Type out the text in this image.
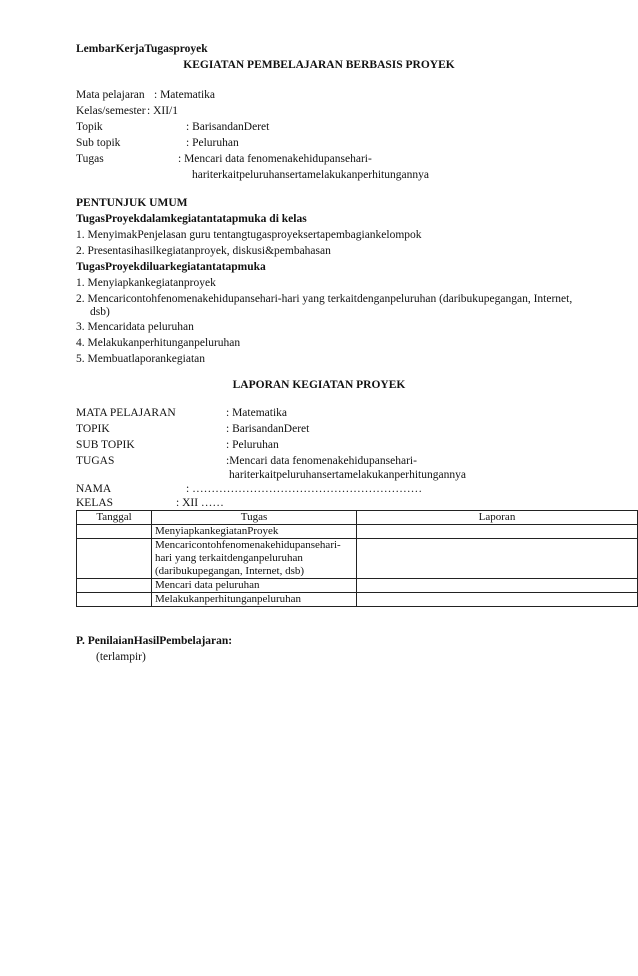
LembarKerjaTugasproyek
KEGIATAN PEMBELAJARAN BERBASIS PROYEK
Mata pelajaran : Matematika
Kelas/semester : XII/1
Topik	: BarisandanDeret
Sub topik	: Peluruhan
Tugas	: Mencari data fenomenakehidupansehari-
hariterkaitpeluruhansertamelakukanperhitungannya
PENTUNJUK UMUM
TugasProyekdalamkegiatantatapmuka di kelas
1. MenyimakPenjelasan guru tentangtugasproyeksertapembagiankelompok
2. Presentasihasilkegiatanproyek, diskusi&pembahasan
TugasProyekdiluarkegiatantatapmuka
1. Menyiapkankegiatanproyek
2. Mencaricontohfenomenakehidupansehari-hari yang terkaitdenganpeluruhan (daribukupegangan, Internet,
dsb)
3. Mencaridata peluruhan
4. Melakukanperhitunganpeluruhan
5. Membuatlaporankegiatan
LAPORAN KEGIATAN PROYEK
MATA PELAJARAN	: Matematika
TOPIK	: BarisandanDeret
SUB TOPIK	: Peluruhan
TUGAS	:Mencari data fenomenakehidupansehari-
hariterkaitpeluruhansertamelakukanperhitungannya
NAMA	: ……………………………………………………
KELAS	: XII ……
Tanggal	Tugas	Laporan
	MenyiapkankegiatanProyek	
	Mencaricontohfenomenakehidupansehari-
hari yang terkaitdenganpeluruhan
(daribukupegangan, Internet, dsb)	
	Mencari data peluruhan	
	Melakukanperhitunganpeluruhan	
P. PenilaianHasilPembelajaran:
(terlampir)
